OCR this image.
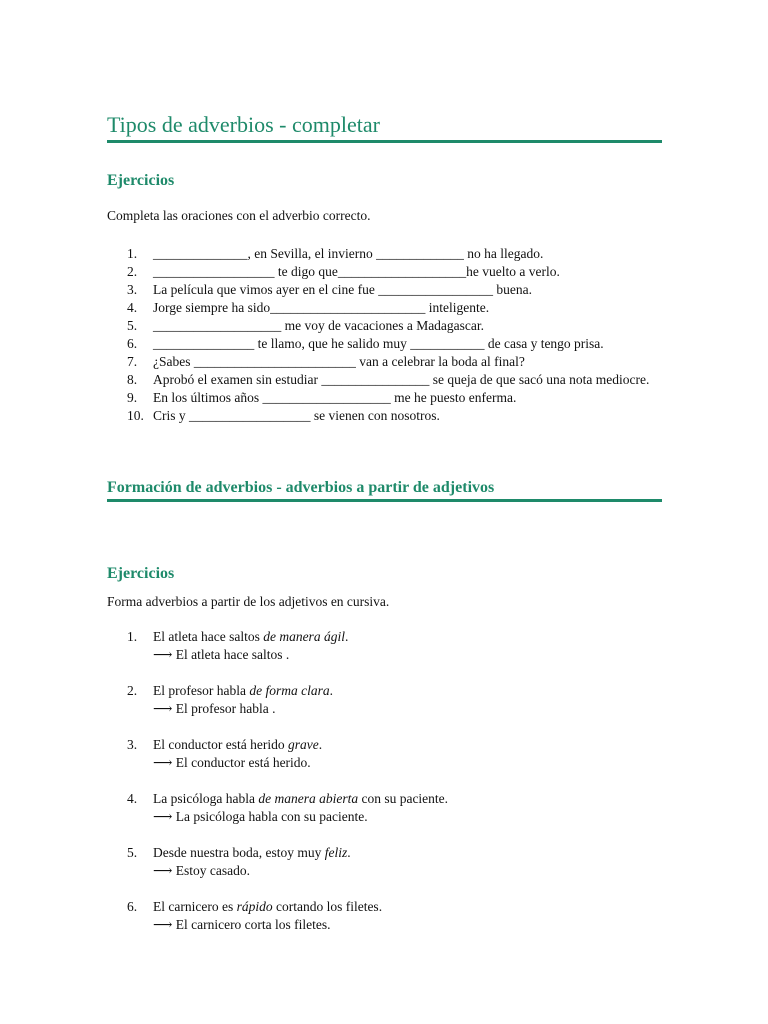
Tipos de adverbios - completar
Ejercicios
Completa las oraciones con el adverbio correcto.
1.	______________, en Sevilla, el invierno _____________ no ha llegado.
2.	__________________ te digo que___________________he vuelto a verlo.
3.	La película que vimos ayer en el cine fue _________________ buena.
4.	Jorge siempre ha sido_______________________ inteligente.
5.	___________________ me voy de vacaciones a Madagascar.
6.	_______________ te llamo, que he salido muy ___________ de casa y tengo prisa.
7.	¿Sabes ________________________ van a celebrar la boda al final?
8.	Aprobó el examen sin estudiar ________________ se queja de que sacó una nota mediocre.
9.	En los últimos años ___________________ me he puesto enferma.
10. Cris y __________________ se vienen con nosotros.
Formación de adverbios - adverbios a partir de adjetivos
Ejercicios
Forma adverbios a partir de los adjetivos en cursiva.
1.	El atleta hace saltos de manera ágil.
⟶ El atleta hace saltos .
2.	El profesor habla de forma clara.
⟶ El profesor habla .
3.	El conductor está herido grave.
⟶ El conductor está herido.
4.	La psicóloga habla de manera abierta con su paciente.
⟶ La psicóloga habla con su paciente.
5.	Desde nuestra boda, estoy muy feliz.
⟶ Estoy casado.
6.	El carnicero es rápido cortando los filetes.
⟶ El carnicero corta los filetes.
